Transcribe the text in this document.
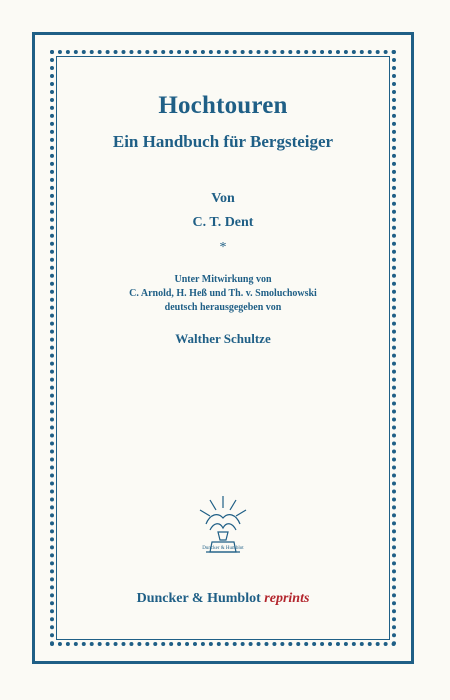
Hochtouren

Ein Handbuch für Bergsteiger

Von

C. T. Dent

*

Unter Mitwirkung von

C. Arnold, H. Heß und Th. v. Smoluchowski

deutsch herausgegeben von

Walther Schultze

Duncker & Humblot
Duncker & Humblot reprints
